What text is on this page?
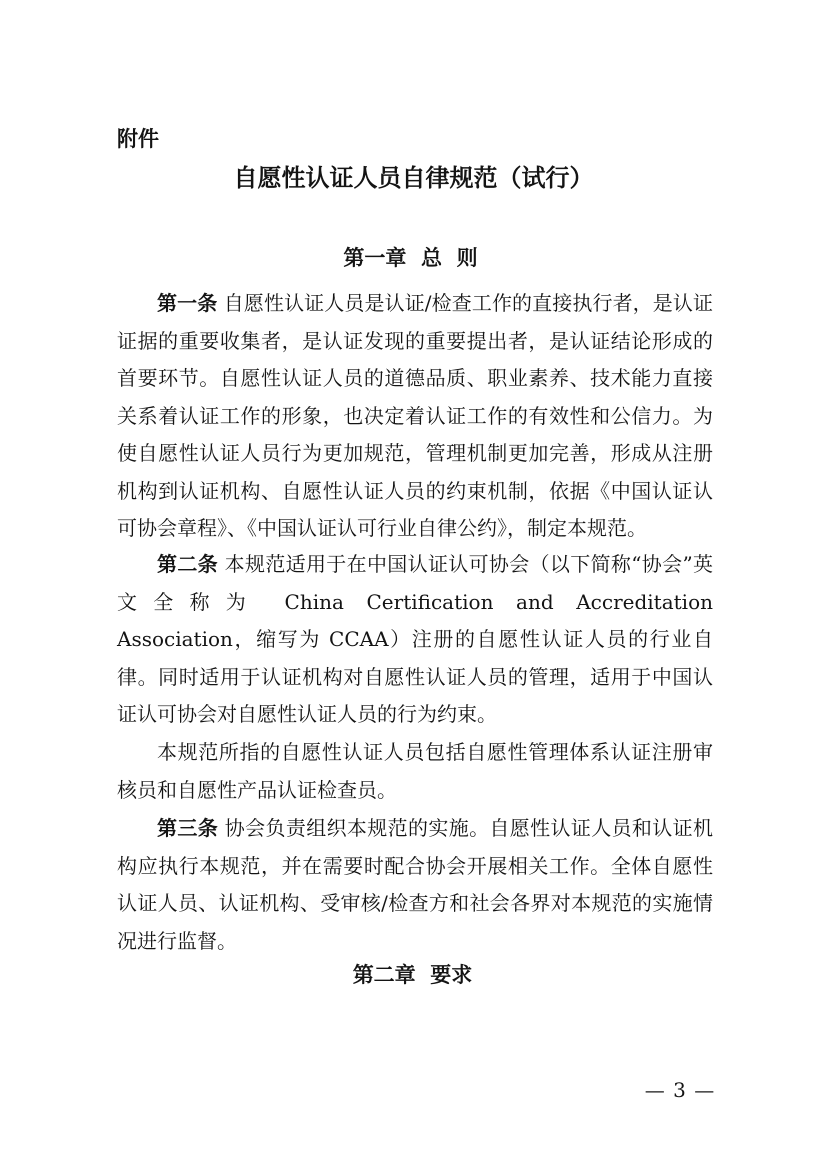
附件
自愿性认证人员自律规范（试行）
第一章  总  则

第一条 自愿性认证人员是认证/检查工作的直接执行者，是认证证据的重要收集者，是认证发现的重要提出者，是认证结论形成的首要环节。自愿性认证人员的道德品质、职业素养、技术能力直接关系着认证工作的形象，也决定着认证工作的有效性和公信力。为使自愿性认证人员行为更加规范，管理机制更加完善，形成从注册机构到认证机构、自愿性认证人员的约束机制，依据《中国认证认可协会章程》、《中国认证认可行业自律公约》，制定本规范。

第二条 本规范适用于在中国认证认可协会（以下简称“协会”英文全称为 China Certification and Accreditation Association，缩写为 CCAA）注册的自愿性认证人员的行业自律。同时适用于认证机构对自愿性认证人员的管理，适用于中国认证认可协会对自愿性认证人员的行为约束。

本规范所指的自愿性认证人员包括自愿性管理体系认证注册审核员和自愿性产品认证检查员。

第三条 协会负责组织本规范的实施。自愿性认证人员和认证机构应执行本规范，并在需要时配合协会开展相关工作。全体自愿性认证人员、认证机构、受审核/检查方和社会各界对本规范的实施情况进行监督。

第二章  要求
— 3 —
